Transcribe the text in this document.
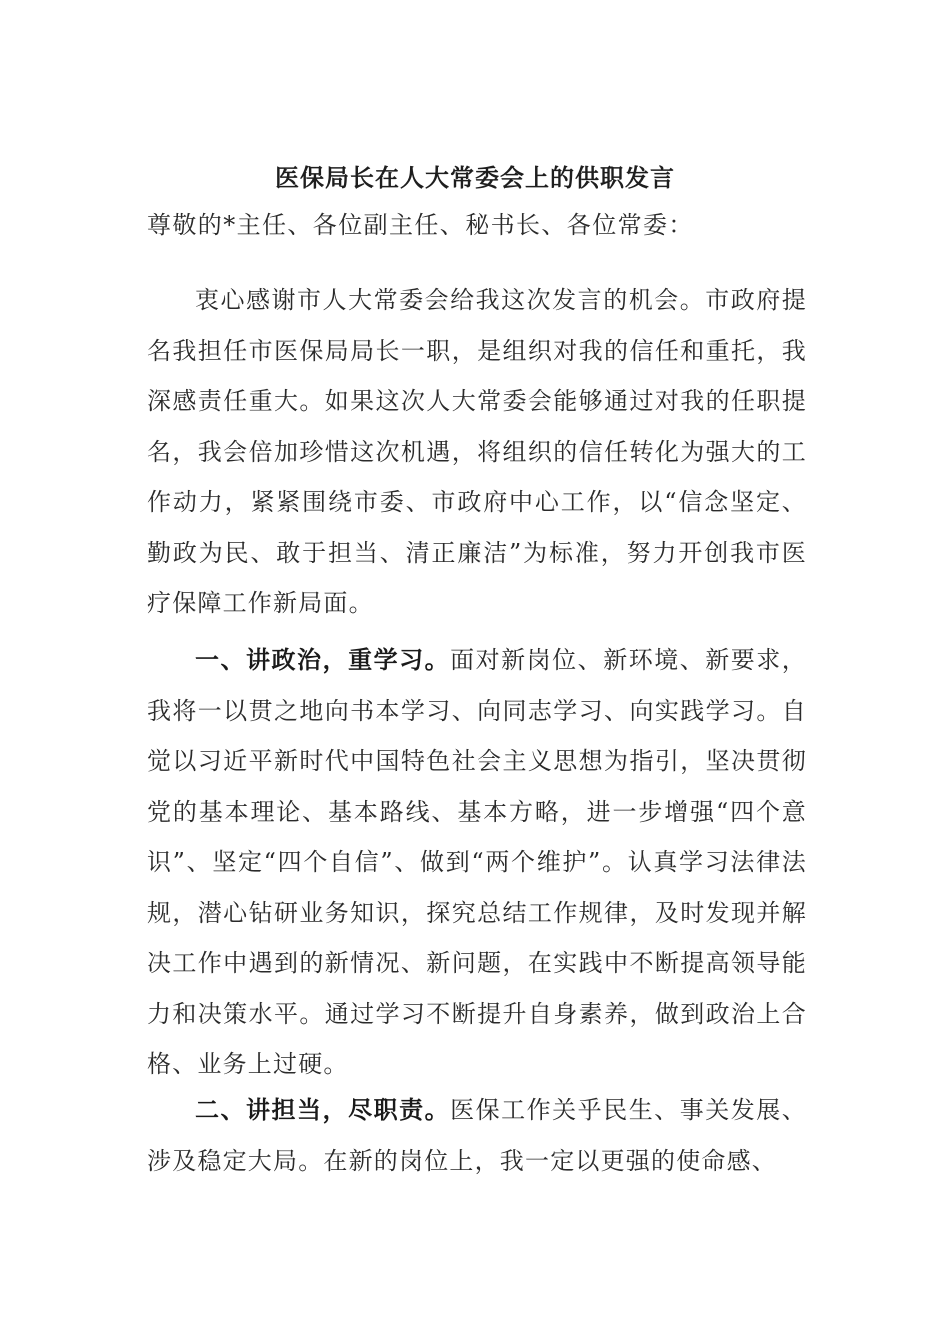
医保局长在人大常委会上的供职发言
尊敬的*主任、各位副主任、秘书长、各位常委：

衷心感谢市人大常委会给我这次发言的机会。市政府提名我担任市医保局局长一职，是组织对我的信任和重托，我深感责任重大。如果这次人大常委会能够通过对我的任职提名，我会倍加珍惜这次机遇，将组织的信任转化为强大的工作动力，紧紧围绕市委、市政府中心工作，以“信念坚定、勤政为民、敢于担当、清正廉洁”为标准，努力开创我市医疗保障工作新局面。

一、讲政治，重学习。面对新岗位、新环境、新要求，我将一以贯之地向书本学习、向同志学习、向实践学习。自觉以习近平新时代中国特色社会主义思想为指引，坚决贯彻党的基本理论、基本路线、基本方略，进一步增强“四个意识”、坚定“四个自信”、做到“两个维护”。认真学习法律法规，潜心钻研业务知识，探究总结工作规律，及时发现并解决工作中遇到的新情况、新问题，在实践中不断提高领导能力和决策水平。通过学习不断提升自身素养，做到政治上合格、业务上过硬。

二、讲担当，尽职责。医保工作关乎民生、事关发展、涉及稳定大局。在新的岗位上，我一定以更强的使命感、
